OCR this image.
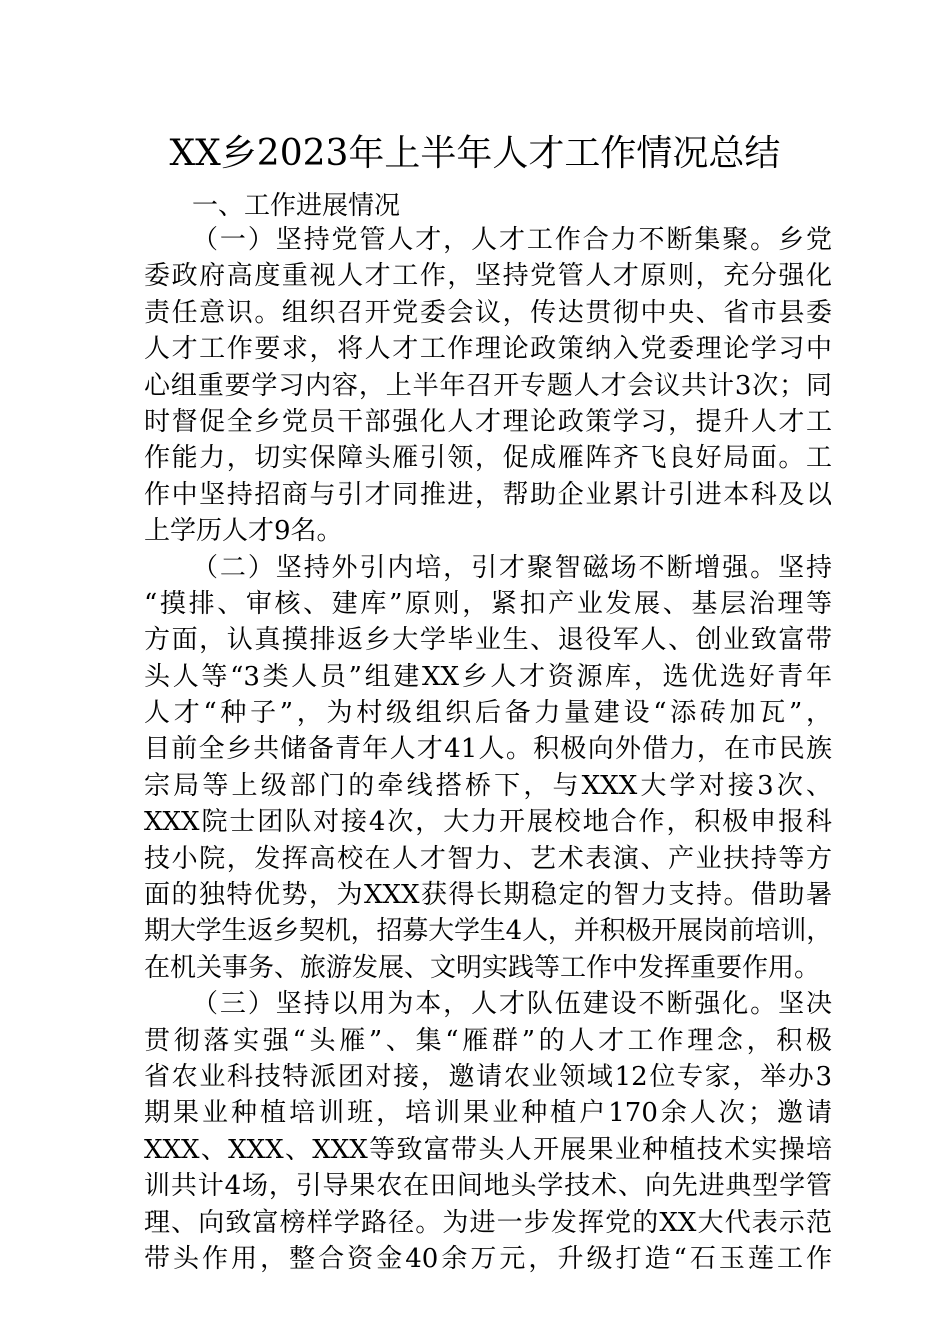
XX乡2023年上半年人才工作情况总结
一、工作进展情况
（一）坚持党管人才，人才工作合力不断集聚。乡党
委政府高度重视人才工作，坚持党管人才原则，充分强化
责任意识。组织召开党委会议，传达贯彻中央、省市县委
人才工作要求，将人才工作理论政策纳入党委理论学习中
心组重要学习内容，上半年召开专题人才会议共计3次；同
时督促全乡党员干部强化人才理论政策学习，提升人才工
作能力，切实保障头雁引领，促成雁阵齐飞良好局面。工
作中坚持招商与引才同推进，帮助企业累计引进本科及以
上学历人才9名。
（二）坚持外引内培，引才聚智磁场不断增强。坚持
“摸排、审核、建库”原则，紧扣产业发展、基层治理等
方面，认真摸排返乡大学毕业生、退役军人、创业致富带
头人等“3类人员”组建XX乡人才资源库，选优选好青年
人才“种子”，为村级组织后备力量建设“添砖加瓦”，
目前全乡共储备青年人才41人。积极向外借力，在市民族
宗局等上级部门的牵线搭桥下，与XXX大学对接3次、
XXX院士团队对接4次，大力开展校地合作，积极申报科
技小院，发挥高校在人才智力、艺术表演、产业扶持等方
面的独特优势，为XXX获得长期稳定的智力支持。借助暑
期大学生返乡契机，招募大学生4人，并积极开展岗前培训，
在机关事务、旅游发展、文明实践等工作中发挥重要作用。
（三）坚持以用为本，人才队伍建设不断强化。坚决
贯彻落实强“头雁”、集“雁群”的人才工作理念，积极
省农业科技特派团对接，邀请农业领域12位专家，举办3
期果业种植培训班，培训果业种植户170余人次；邀请
XXX、XXX、XXX等致富带头人开展果业种植技术实操培
训共计4场，引导果农在田间地头学技术、向先进典型学管
理、向致富榜样学路径。为进一步发挥党的XX大代表示范
带头作用，整合资金40余万元，升级打造“石玉莲工作
